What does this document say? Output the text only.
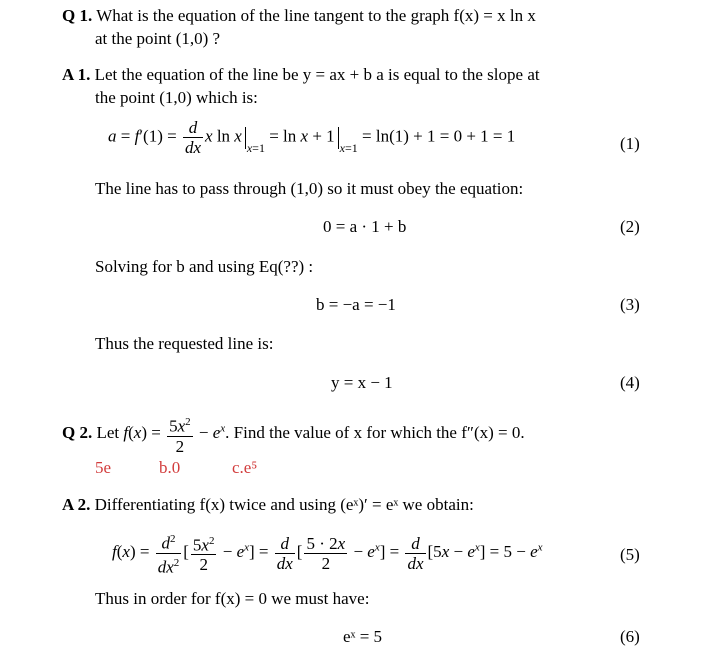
Q 1. What is the equation of the line tangent to the graph f(x) = x ln x
at the point (1,0) ?
A 1. Let the equation of the line be y = ax + b a is equal to the slope at
the point (1,0) which is:
$a = f'(1) = \frac{d}{dx}$ x $\ln x_{x=1} = \ln x + 1_{x=1} = \ln(1) + 1 = 0 + 1 = 1$	(1)
The line has to pass through (1,0) so it must obey the equation:
0 = a · 1 + b	(2)
Solving for b and using Eq(??) :
b = −a = −1	(3)
Thus the requested line is:
y = x − 1	(4)
Q 2. Let $f(x) = \frac{5x^2}{2} - e^x$. Find the value of x for which the f″(x) = 0.
5e	b.0	c.e⁵
A 2. Differentiating f(x) twice and using (eˣ)′ = eˣ we obtain:
$f(x) = \frac{d^2}{dx^2}$ [ $\frac{5x^2}{2} - e^x] = \frac{d}{dx}$ [ $\frac{5 \cdot 2x}{2} - e^x] = \frac{d}{dx} [5x - e^x] = 5 - e^x$	(5)
Thus in order for f(x) = 0 we must have:
eˣ = 5	(6)
